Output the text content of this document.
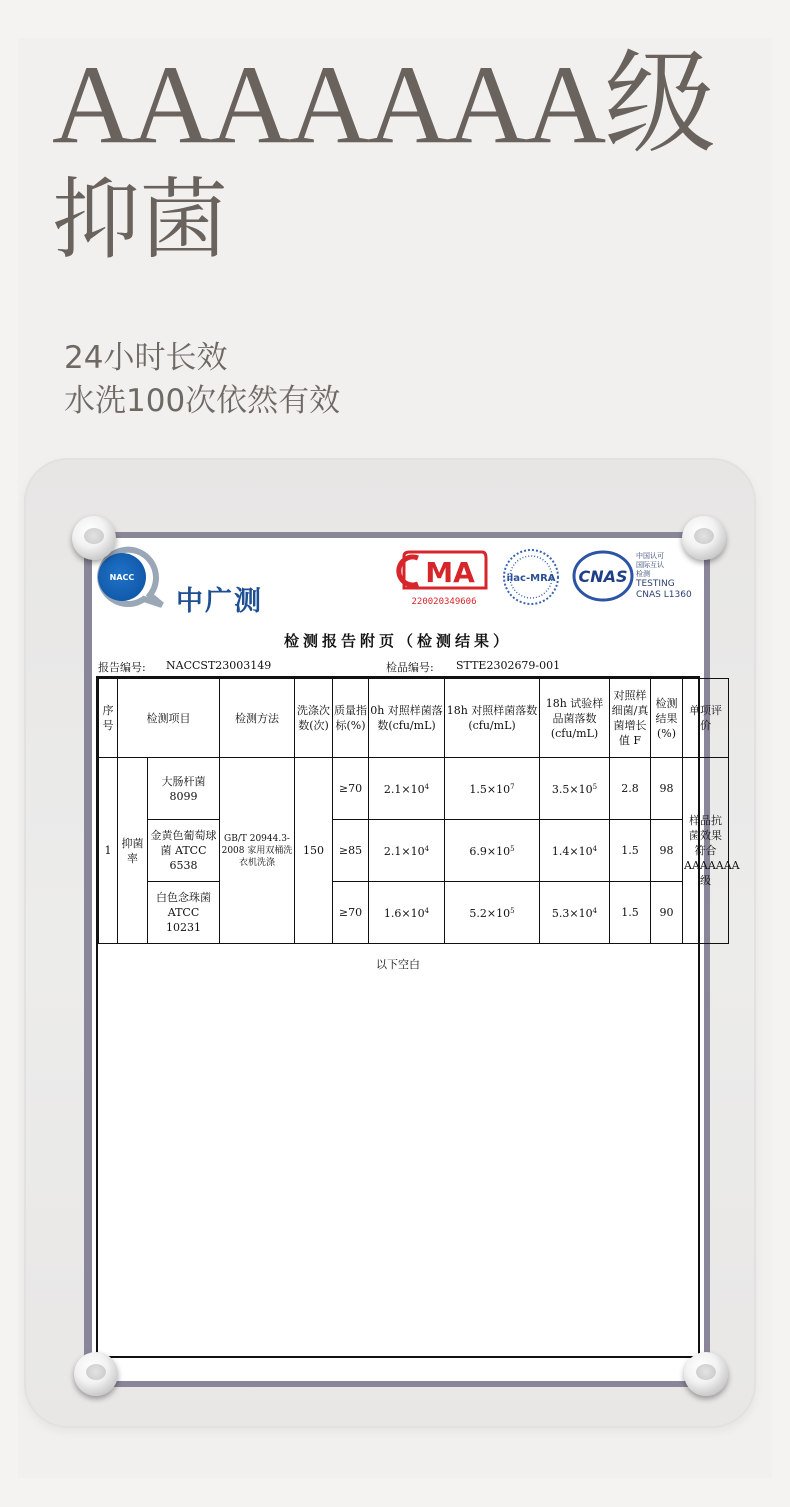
AAAAAAA级
抑菌
24小时长效
水洗100次依然有效
NACC
中广测
MA
220020349606
ilac-MRA CNAS
中国认可
国际互认
检测
TESTING
CNAS L1360
检测报告附页（检测结果）
报告编号: NACCST23003149	检品编号: STTE2302679-001
序号	检测项目		检测方法	洗涤次数(次)	质量指标(%)	0h 对照样菌落数(cfu/mL)	18h 对照样菌落数(cfu/mL)	18h 试验样品菌落数(cfu/mL)	对照样细菌/真菌增长值 F	检测结果(%)	单项评价
1	抑菌率	大肠杆菌 8099	GB/T 20944.3-2008 家用双桶洗衣机洗涤	150	≥70	$2.1\times 10^4$	$1.5\times 10^7$	$3.5\times 10^5$	2.8	98	样品抗菌效果符合AAAAAAA级
		金黄色葡萄球菌 ATCC 6538			≥85	$2.1\times 10^4$	$6.9\times 10^5$	$1.4\times 10^4$	1.5	98	
		白色念珠菌 ATCC 10231			≥70	$1.6\times 10^4$	$5.2\times 10^5$	$5.3\times 10^4$	1.5	90	
以下空白
